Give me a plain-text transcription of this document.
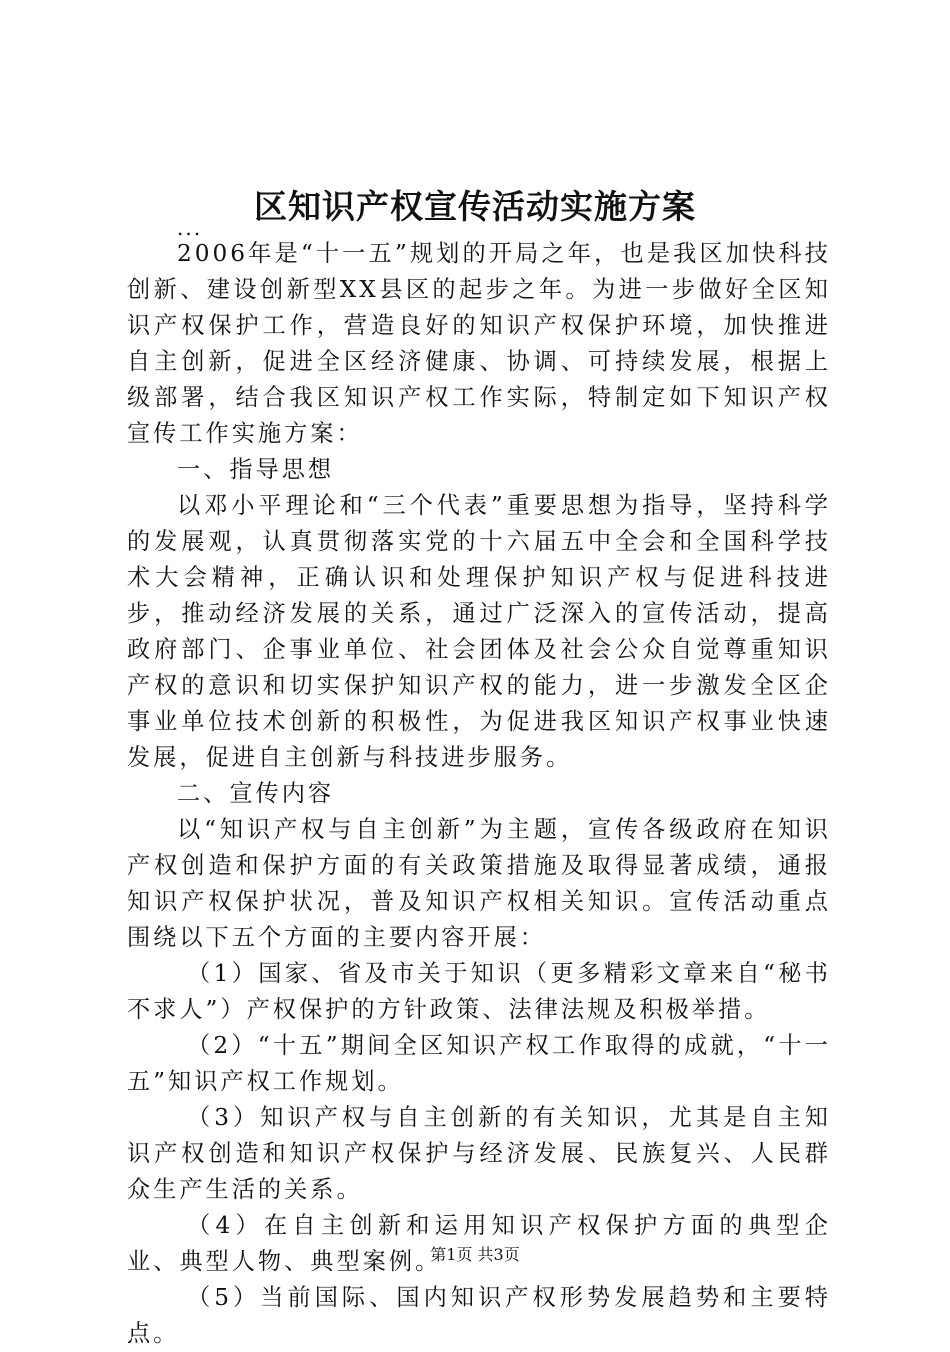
区知识产权宣传活动实施方案
...

2006年是“十一五”规划的开局之年，也是我区加快科技创新、建设创新型XX县区的起步之年。为进一步做好全区知识产权保护工作，营造良好的知识产权保护环境，加快推进自主创新，促进全区经济健康、协调、可持续发展，根据上级部署，结合我区知识产权工作实际，特制定如下知识产权宣传工作实施方案：

一、指导思想

以邓小平理论和“三个代表”重要思想为指导，坚持科学的发展观，认真贯彻落实党的十六届五中全会和全国科学技术大会精神，正确认识和处理保护知识产权与促进科技进步，推动经济发展的关系，通过广泛深入的宣传活动，提高政府部门、企事业单位、社会团体及社会公众自觉尊重知识产权的意识和切实保护知识产权的能力，进一步激发全区企事业单位技术创新的积极性，为促进我区知识产权事业快速发展，促进自主创新与科技进步服务。

二、宣传内容

以“知识产权与自主创新”为主题，宣传各级政府在知识产权创造和保护方面的有关政策措施及取得显著成绩，通报知识产权保护状况，普及知识产权相关知识。宣传活动重点围绕以下五个方面的主要内容开展：

（1）国家、省及市关于知识（更多精彩文章来自“秘书不求人”）产权保护的方针政策、法律法规及积极举措。

（2）“十五”期间全区知识产权工作取得的成就，“十一五”知识产权工作规划。

（3）知识产权与自主创新的有关知识，尤其是自主知识产权创造和知识产权保护与经济发展、民族复兴、人民群众生产生活的关系。

（4）在自主创新和运用知识产权保护方面的典型企业、典型人物、典型案例。

（5）当前国际、国内知识产权形势发展趋势和主要特点。

第1页 共3页
